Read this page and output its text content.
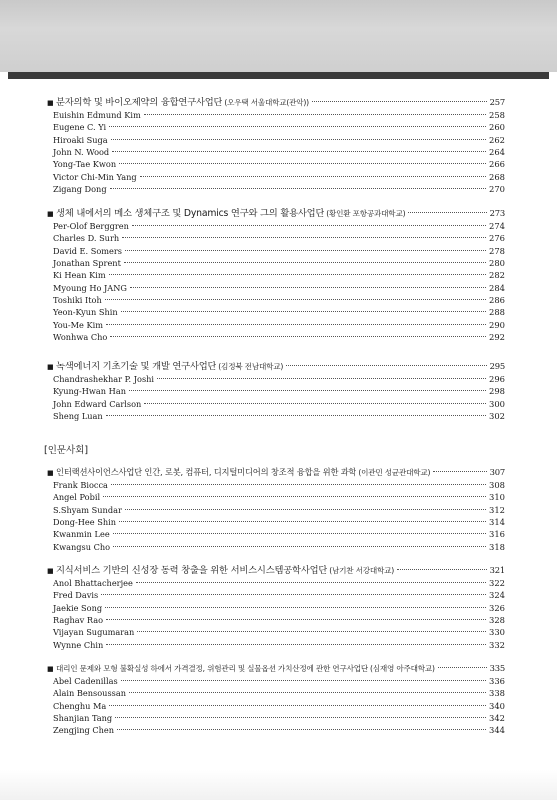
■ 분자의학 및 바이오제약의 융합연구사업단 (오우택 서울대학교(관악))	257
Euishin Edmund Kim	258
Eugene C. Yi	260
Hiroaki Suga	262
John N. Wood	264
Yong-Tae Kwon	266
Victor Chi-Min Yang	268
Zigang Dong	270
■ 생체 내에서의 메소 생체구조 및 Dynamics 연구와 그의 활용사업단 (황인환 포항공과대학교)	273
Per-Olof Berggren	274
Charles D. Surh	276
David E. Somers	278
Jonathan Sprent	280
Ki Hean Kim	282
Myoung Ho JANG	284
Toshiki Itoh	286
Yeon-Kyun Shin	288
You-Me Kim	290
Wonhwa Cho	292
■ 녹색에너지 기초기술 및 개발 연구사업단 (김정북 전남대학교)	295
Chandrashekhar P. Joshi	296
Kyung-Hwan Han	298
John Edward Carlson	300
Sheng Luan	302
[인문사회]
■ 인터랙션사이언스사업단 인간, 로봇, 컴퓨터, 디지털미디어의 창조적 융합을 위한 과학 (이관민 성균관대학교)	307
Frank Biocca	308
Angel Pobil	310
S.Shyam Sundar	312
Dong-Hee Shin	314
Kwanmin Lee	316
Kwangsu Cho	318
■ 지식서비스 기반의 신성장 동력 창출을 위한 서비스시스템공학사업단 (남기찬 서강대학교)	321
Anol Bhattacherjee	322
Fred Davis	324
Jaekie Song	326
Raghav Rao	328
Vijayan Sugumaran	330
Wynne Chin	332
■ 대리인 문제와 모형 불확실성 하에서 가격결정, 위험관리 및 실물옵션 가치산정에 관한 연구사업단 (심재영 아주대학교)	335
Abel Cadenillas	336
Alain Bensoussan	338
Chenghu Ma	340
Shanjian Tang	342
Zengjing Chen	344
